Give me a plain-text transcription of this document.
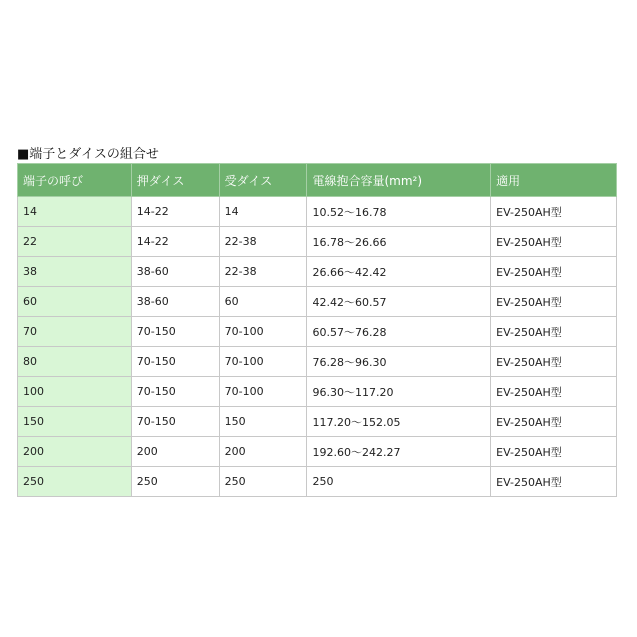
■端子とダイスの組合せ
端子の呼び	押ダイス	受ダイス	電線抱合容量(mm²)	適用
14	14-22	14	10.52～16.78	EV-250AH型
22	14-22	22-38	16.78～26.66	EV-250AH型
38	38-60	22-38	26.66～42.42	EV-250AH型
60	38-60	60	42.42～60.57	EV-250AH型
70	70-150	70-100	60.57～76.28	EV-250AH型
80	70-150	70-100	76.28～96.30	EV-250AH型
100	70-150	70-100	96.30～117.20	EV-250AH型
150	70-150	150	117.20～152.05	EV-250AH型
200	200	200	192.60～242.27	EV-250AH型
250	250	250	250	EV-250AH型
